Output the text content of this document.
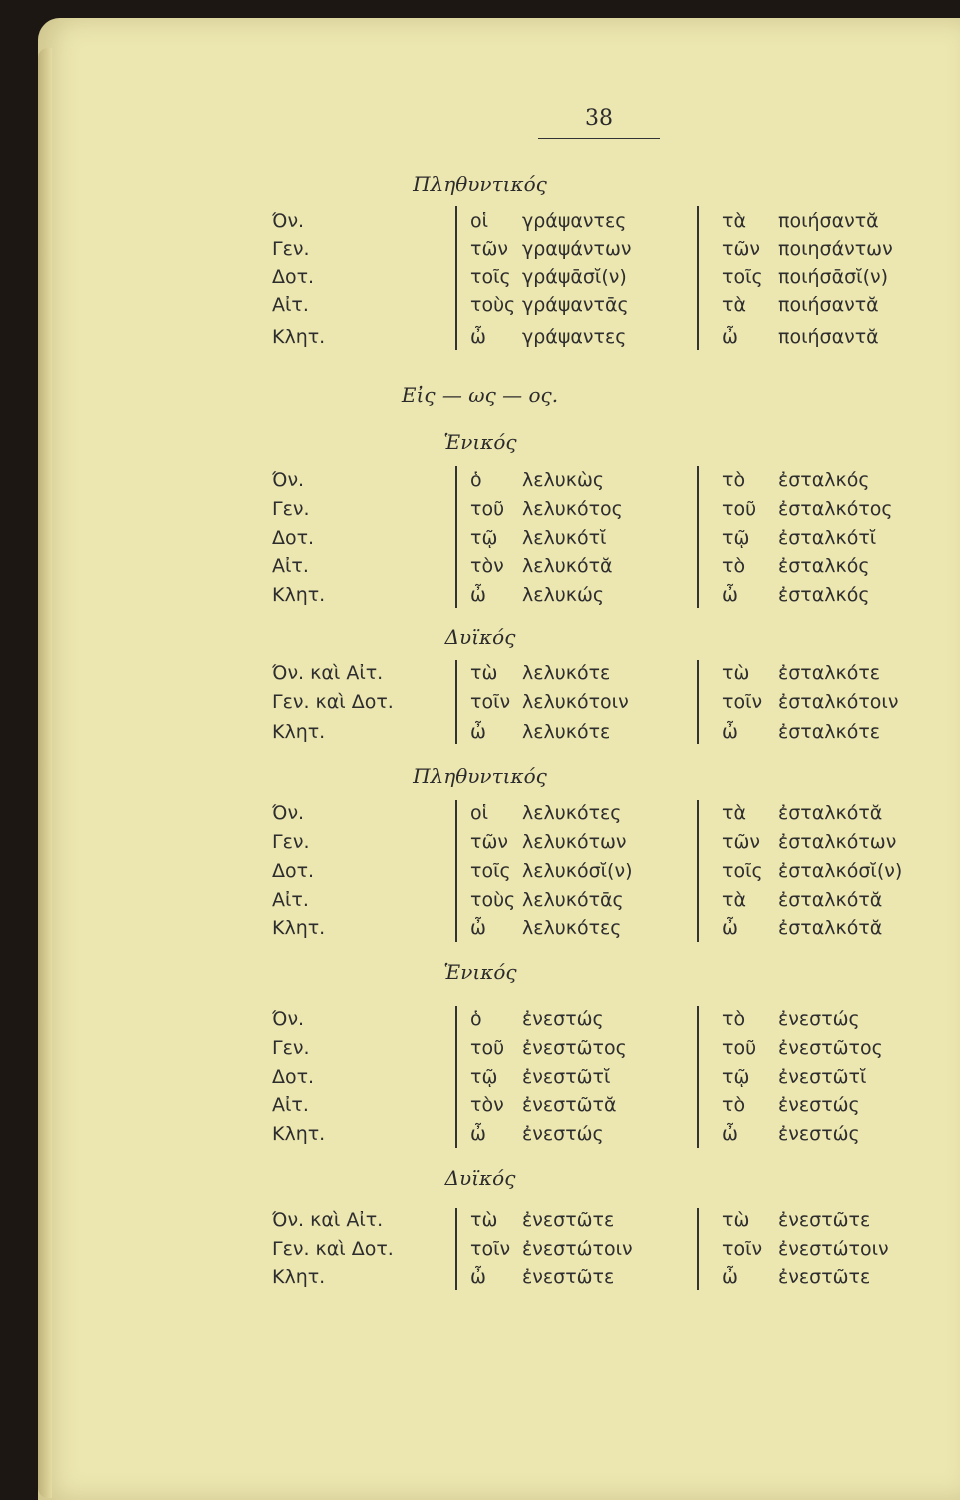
38
Πληθυντικός
Όν.	οἱ γράψαντες	τὰ ποιήσαντᾰ
Γεν.	τῶν γραψάντων	τῶν ποιησάντων
Δοτ.	τοῖς γράψᾱσῐ(ν)	τοῖς ποιήσᾱσῐ(ν)
Αἰτ.	τοὺς γράψαντᾱς	τὰ ποιήσαντᾰ
Κλητ.	ὦ γράψαντες	ὦ ποιήσαντᾰ
Εἰς — ως — ος.
Ἑνικός
Όν.	ὁ λελυκὼς	τὸ ἐσταλκός
Γεν.	τοῦ λελυκότος	τοῦ ἐσταλκότος
Δοτ.	τῷ λελυκότῐ	τῷ ἐσταλκότῐ
Αἰτ.	τὸν λελυκότᾰ	τὸ ἐσταλκός
Κλητ.	ὦ λελυκώς	ὦ ἐσταλκός
Δυϊκός
Όν. καὶ Αἰτ.	τὼ λελυκότε	τὼ ἐσταλκότε
Γεν. καὶ Δοτ.	τοῖν λελυκότοιν	τοῖν ἐσταλκότοιν
Κλητ.	ὦ λελυκότε	ὦ ἐσταλκότε
Πληθυντικός
Όν.	οἱ λελυκότες	τὰ ἐσταλκότᾰ
Γεν.	τῶν λελυκότων	τῶν ἐσταλκότων
Δοτ.	τοῖς λελυκόσῐ(ν)	τοῖς ἐσταλκόσῐ(ν)
Αἰτ.	τοὺς λελυκότᾱς	τὰ ἐσταλκότᾰ
Κλητ.	ὦ λελυκότες	ὦ ἐσταλκότᾰ
Ἑνικός
Όν.	ὁ ἐνεστώς	τὸ ἐνεστώς
Γεν.	τοῦ ἐνεστῶτος	τοῦ ἐνεστῶτος
Δοτ.	τῷ ἐνεστῶτῐ	τῷ ἐνεστῶτῐ
Αἰτ.	τὸν ἐνεστῶτᾰ	τὸ ἐνεστώς
Κλητ.	ὦ ἐνεστώς	ὦ ἐνεστώς
Δυϊκός
Όν. καὶ Αἰτ.	τὼ ἐνεστῶτε	τὼ ἐνεστῶτε
Γεν. καὶ Δοτ.	τοῖν ἐνεστώτοιν	τοῖν ἐνεστώτοιν
Κλητ.	ὦ ἐνεστῶτε	ὦ ἐνεστῶτε
